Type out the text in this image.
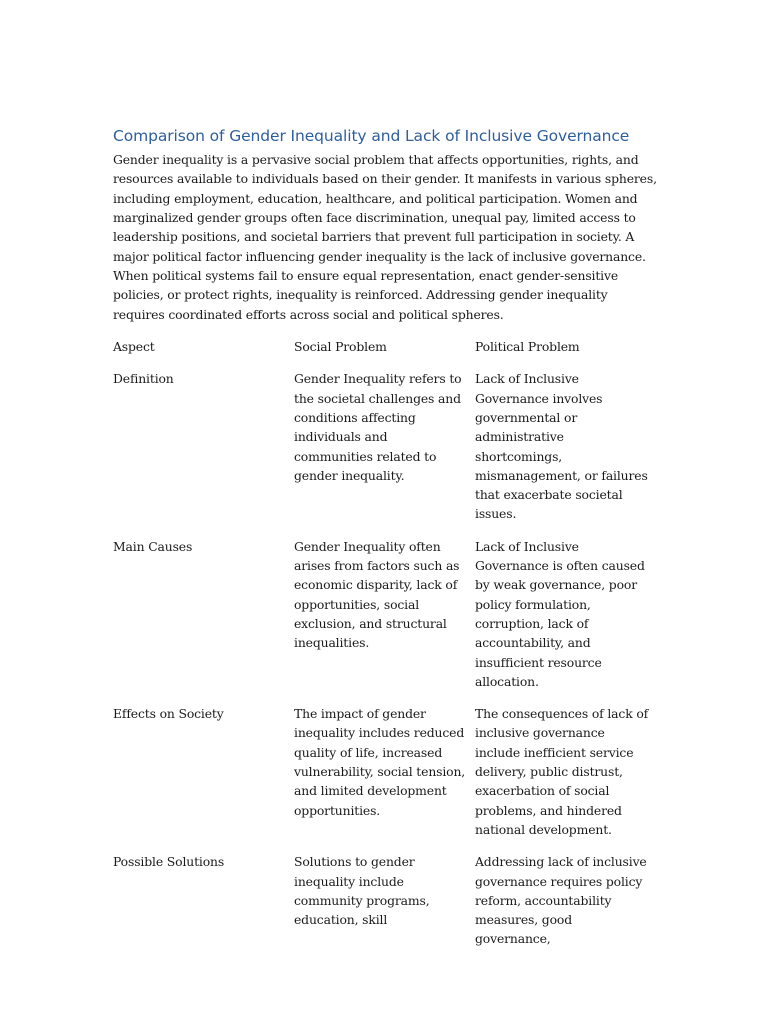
Comparison of Gender Inequality and Lack of Inclusive Governance

Gender inequality is a pervasive social problem that affects opportunities, rights, and resources available to individuals based on their gender. It manifests in various spheres, including employment, education, healthcare, and political participation. Women and marginalized gender groups often face discrimination, unequal pay, limited access to leadership positions, and societal barriers that prevent full participation in society. A major political factor influencing gender inequality is the lack of inclusive governance. When political systems fail to ensure equal representation, enact gender-sensitive policies, or protect rights, inequality is reinforced. Addressing gender inequality requires coordinated efforts across social and political spheres.

Aspect	Social Problem	Political Problem
Definition	Gender Inequality refers to the societal challenges and conditions affecting individuals and communities related to gender inequality.	Lack of Inclusive Governance involves governmental or administrative shortcomings, mismanagement, or failures that exacerbate societal issues.
Main Causes	Gender Inequality often arises from factors such as economic disparity, lack of opportunities, social exclusion, and structural inequalities.	Lack of Inclusive Governance is often caused by weak governance, poor policy formulation, corruption, lack of accountability, and insufficient resource allocation.
Effects on Society	The impact of gender inequality includes reduced quality of life, increased vulnerability, social tension, and limited development opportunities.	The consequences of lack of inclusive governance include inefficient service delivery, public distrust, exacerbation of social problems, and hindered national development.
Possible Solutions	Solutions to gender inequality include community programs, education, skill	Addressing lack of inclusive governance requires policy reform, accountability measures, good governance,
